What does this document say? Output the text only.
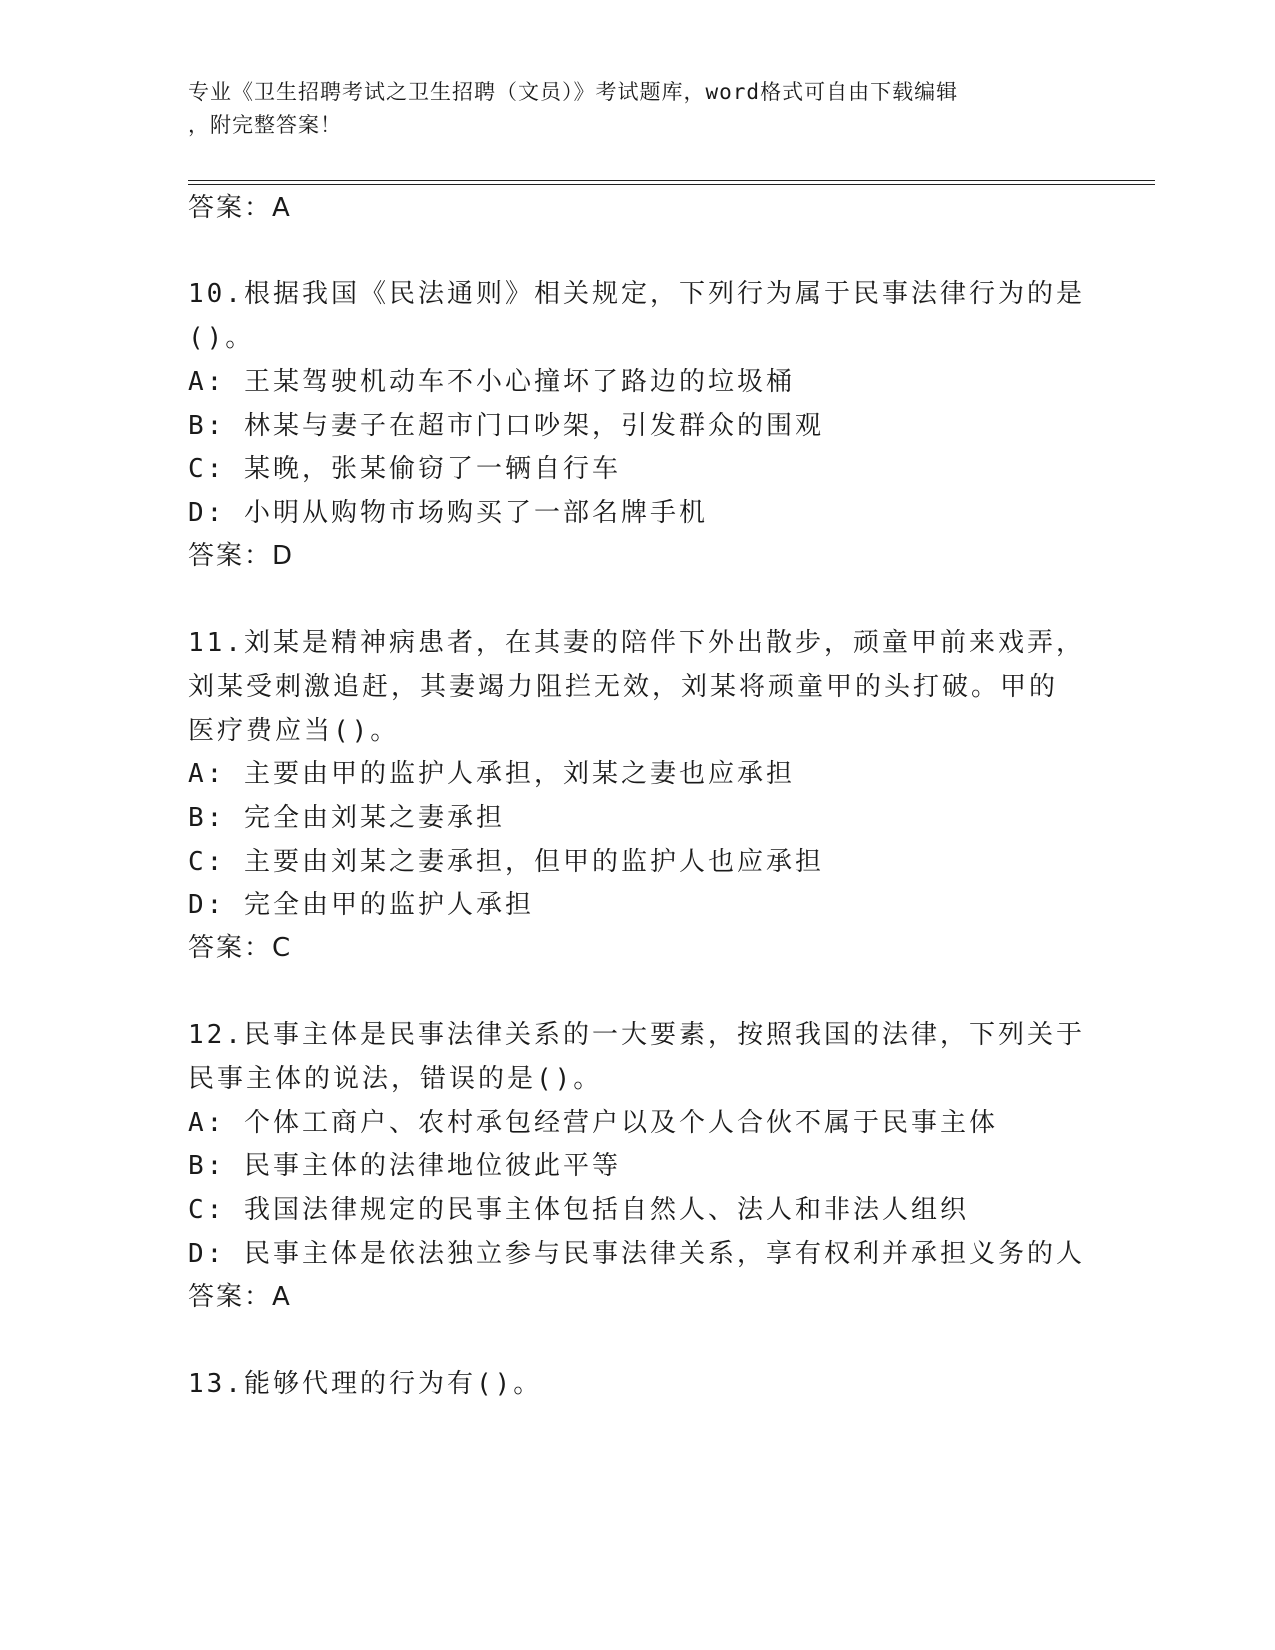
专业《卫生招聘考试之卫生招聘（文员）》考试题库，word格式可自由下载编辑
，附完整答案！
答案：A
10.根据我国《民法通则》相关规定，下列行为属于民事法律行为的是
()。
A: 王某驾驶机动车不小心撞坏了路边的垃圾桶
B: 林某与妻子在超市门口吵架，引发群众的围观
C: 某晚，张某偷窃了一辆自行车
D: 小明从购物市场购买了一部名牌手机
答案：D
11.刘某是精神病患者，在其妻的陪伴下外出散步，顽童甲前来戏弄，
刘某受刺激追赶，其妻竭力阻拦无效，刘某将顽童甲的头打破。甲的
医疗费应当()。
A: 主要由甲的监护人承担，刘某之妻也应承担
B: 完全由刘某之妻承担
C: 主要由刘某之妻承担，但甲的监护人也应承担
D: 完全由甲的监护人承担
答案：C
12.民事主体是民事法律关系的一大要素，按照我国的法律，下列关于
民事主体的说法，错误的是()。
A: 个体工商户、农村承包经营户以及个人合伙不属于民事主体
B: 民事主体的法律地位彼此平等
C: 我国法律规定的民事主体包括自然人、法人和非法人组织
D: 民事主体是依法独立参与民事法律关系，享有权利并承担义务的人
答案：A
13.能够代理的行为有()。
